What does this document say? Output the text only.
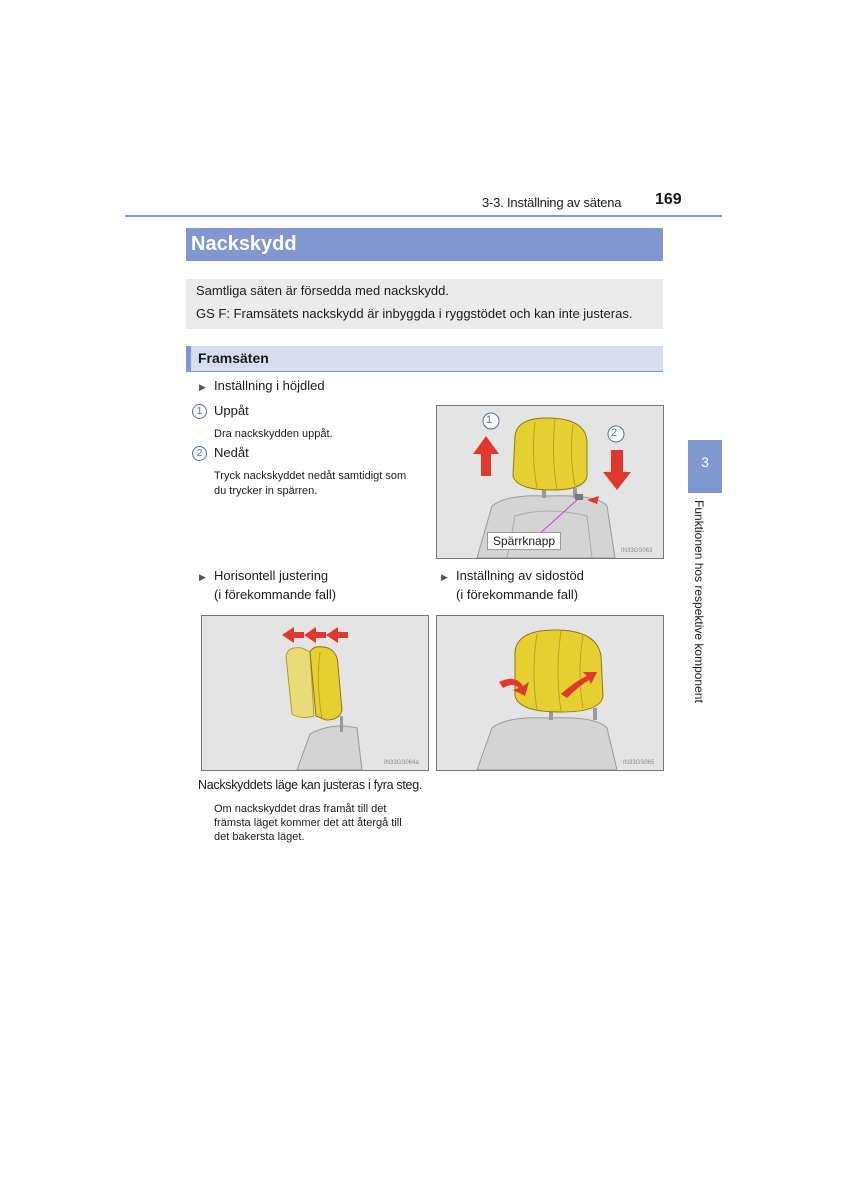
3-3. Inställning av sätena 169
Nackskydd
Samtliga säten är försedda med nackskydd.
GS F: Framsätets nackskydd är inbyggda i ryggstödet och kan inte justeras.
Framsäten
▶ Inställning i höjdled
1 Uppåt
Dra nackskydden uppåt.
2 Nedåt
Tryck nackskyddet nedåt samtidigt som
du trycker in spärren.
1
2
Spärrknapp
IN33GS063
▶ Horisontell justering
(i förekommande fall)
▶ Inställning av sidostöd
(i förekommande fall)
IN33GS064a	IN33GS065
Nackskyddets läge kan justeras i fyra steg.
Om nackskyddet dras framåt till det
främsta läget kommer det att återgå till
det bakersta läget.
3
Funktionen hos respektive komponent
